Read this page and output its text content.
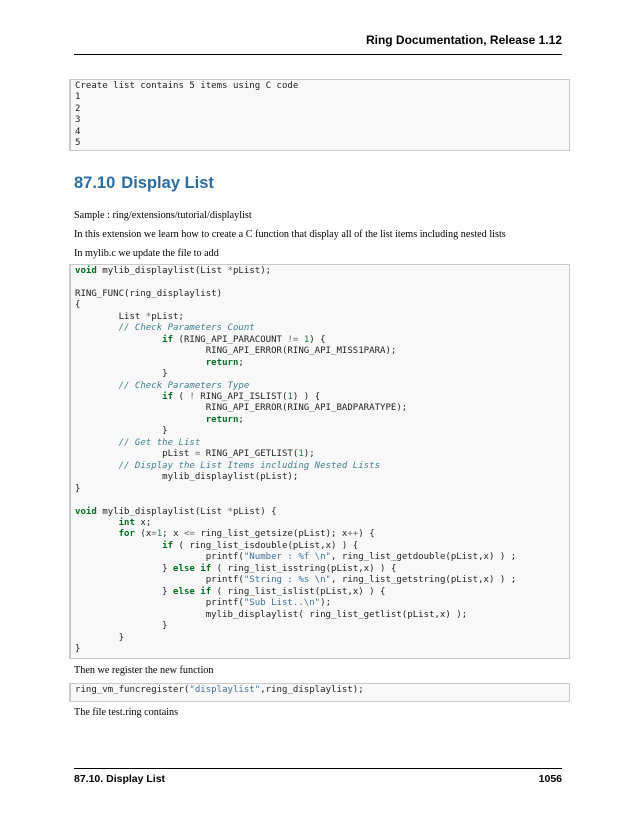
Ring Documentation, Release 1.12
Create list contains 5 items using C code
1
2
3
4
5
87.10 Display List

Sample : ring/extensions/tutorial/displaylist

In this extension we learn how to create a C function that display all of the list items including nested lists

In mylib.c we update the file to add

void mylib_displaylist(List *pList);

RING_FUNC(ring_displaylist)
{
List *pList;
// Check Parameters Count
if (RING_API_PARACOUNT != 1) {
RING_API_ERROR(RING_API_MISS1PARA);
return;
}
// Check Parameters Type
if ( ! RING_API_ISLIST(1) ) {
RING_API_ERROR(RING_API_BADPARATYPE);
return;
}
// Get the List
pList = RING_API_GETLIST(1);
// Display the List Items including Nested Lists
mylib_displaylist(pList);
}

void mylib_displaylist(List *pList) {
int x;
for (x=1; x <= ring_list_getsize(pList); x++) {
if ( ring_list_isdouble(pList,x) ) {
printf("Number : %f \n", ring_list_getdouble(pList,x) ) ;
} else if ( ring_list_isstring(pList,x) ) {
printf("String : %s \n", ring_list_getstring(pList,x) ) ;
} else if ( ring_list_islist(pList,x) ) {
printf("Sub List..\n");
mylib_displaylist( ring_list_getlist(pList,x) );
}
}
}

Then we register the new function

ring_vm_funcregister("displaylist",ring_displaylist);

The file test.ring contains

87.10. Display List	1056
